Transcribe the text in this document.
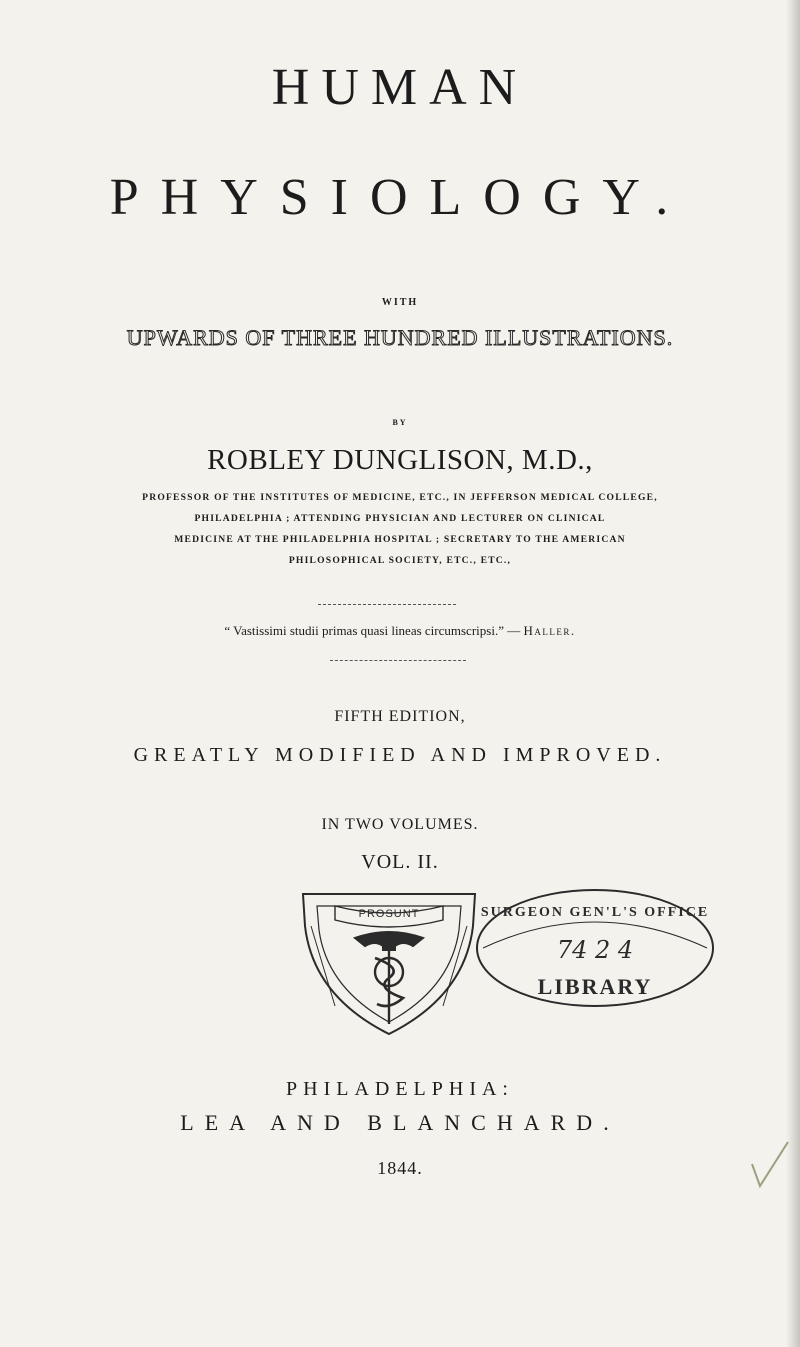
HUMAN
PHYSIOLOGY.
WITH
UPWARDS OF THREE HUNDRED ILLUSTRATIONS.
BY
ROBLEY DUNGLISON, M.D.,
PROFESSOR OF THE INSTITUTES OF MEDICINE, ETC., IN JEFFERSON MEDICAL COLLEGE,
PHILADELPHIA ; ATTENDING PHYSICIAN AND LECTURER ON CLINICAL
MEDICINE AT THE PHILADELPHIA HOSPITAL ; SECRETARY TO THE AMERICAN
PHILOSOPHICAL SOCIETY, ETC., ETC.,
“ Vastissimi studii primas quasi lineas circumscripsi.” — Haller.
FIFTH EDITION,
GREATLY MODIFIED AND IMPROVED.
IN TWO VOLUMES.
VOL. II.
PROSUNT	SURGEON GEN'L'S OFFICE
74 2 4
LIBRARY
PHILADELPHIA:
LEA AND BLANCHARD.
1844.
